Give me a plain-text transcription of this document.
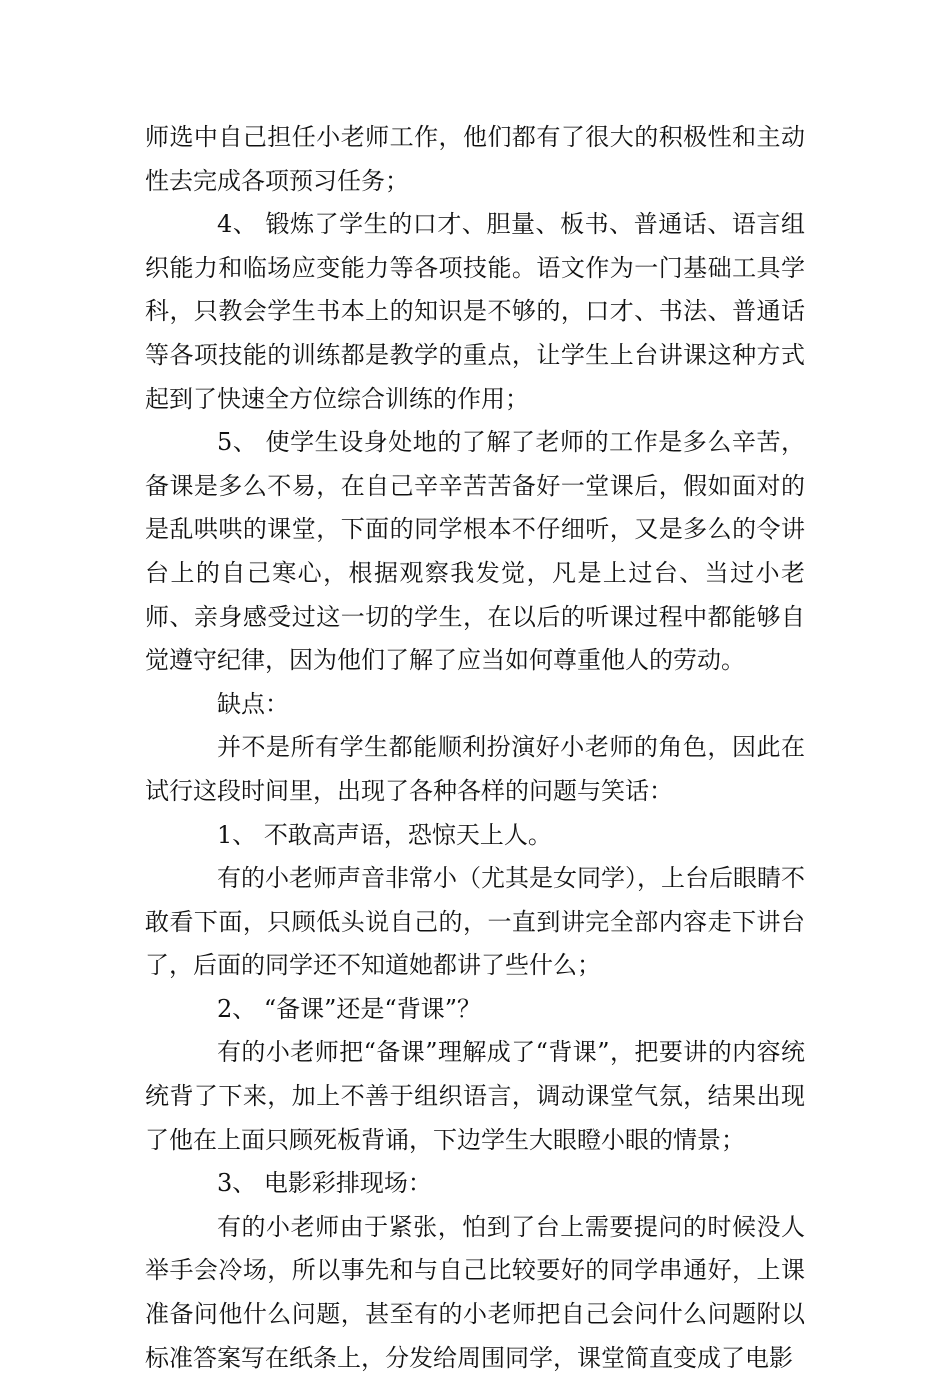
师选中自己担任小老师工作，他们都有了很大的积极性和主动性去完成各项预习任务；

4、 锻炼了学生的口才、胆量、板书、普通话、语言组织能力和临场应变能力等各项技能。语文作为一门基础工具学科，只教会学生书本上的知识是不够的，口才、书法、普通话等各项技能的训练都是教学的重点，让学生上台讲课这种方式起到了快速全方位综合训练的作用；

5、 使学生设身处地的了解了老师的工作是多么辛苦，备课是多么不易，在自己辛辛苦苦备好一堂课后，假如面对的是乱哄哄的课堂，下面的同学根本不仔细听，又是多么的令讲台上的自己寒心，根据观察我发觉，凡是上过台、当过小老师、亲身感受过这一切的学生，在以后的听课过程中都能够自觉遵守纪律，因为他们了解了应当如何尊重他人的劳动。

缺点：

并不是所有学生都能顺利扮演好小老师的角色，因此在试行这段时间里，出现了各种各样的问题与笑话：

1、 不敢高声语，恐惊天上人。

有的小老师声音非常小（尤其是女同学），上台后眼睛不敢看下面，只顾低头说自己的，一直到讲完全部内容走下讲台了，后面的同学还不知道她都讲了些什么；

2、 “备课”还是“背课”？

有的小老师把“备课”理解成了“背课”，把要讲的内容统统背了下来，加上不善于组织语言，调动课堂气氛，结果出现了他在上面只顾死板背诵，下边学生大眼瞪小眼的情景；

3、 电影彩排现场：

有的小老师由于紧张，怕到了台上需要提问的时候没人举手会冷场，所以事先和与自己比较要好的同学串通好，上课准备问他什么问题，甚至有的小老师把自己会问什么问题附以标准答案写在纸条上，分发给周围同学，课堂简直变成了电影
